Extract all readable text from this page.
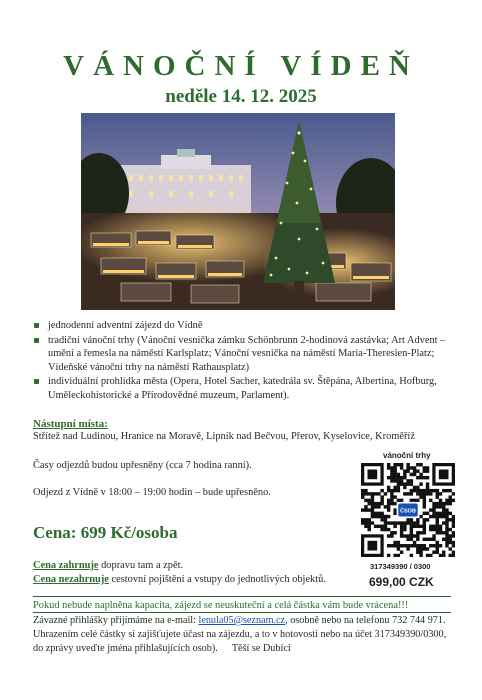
VÁNOČNÍ VÍDEŇ
neděle 14. 12. 2025
jednodenní adventní zájezd do Vídně
tradiční vánoční trhy (Vánoční vesnička zámku Schönbrunn 2-hodinová zastávka; Art Advent – umění a řemesla na náměstí Karlsplatz; Vánoční vesnička na náměstí Maria-Theresien-Platz; Vídeňské vánoční trhy na náměstí Rathausplatz)
individuální prohlídka města (Opera, Hotel Sacher, katedrála sv. Štěpána, Albertina, Hofburg, Uměleckohistorické a Přírodovědné muzeum, Parlament).
Nástupní místa:
Střítež nad Ludinou, Hranice na Moravě, Lipník nad Bečvou, Přerov, Kyselovice, Kroměříž
Časy odjezdů budou upřesněny (cca 7 hodina ranní).
Odjezd z Vídně v 18:00 – 19:00 hodin – bude upřesněno.
Cena: 699 Kč/osoba
Cena zahrnuje dopravu tam a zpět.
Cena nezahrnuje cestovní pojištění a vstupy do jednotlivých objektů.
Pokud nebude naplněna kapacita, zájezd se neuskuteční a celá částka vám bude vrácena!!!
Závazné přihlášky přijímáme na e-mail: lenula05@seznam.cz, osobně nebo na telefonu 732 744 971. Uhrazením celé částky si zajišťujete účast na zájezdu, a to v hotovosti nebo na účet 317349390/0300, do zprávy uveďte jména přihlašujících osob). Těší se Dubíci
vánoční trhy
ČSOB
317349390 / 0300
699,00 CZK
